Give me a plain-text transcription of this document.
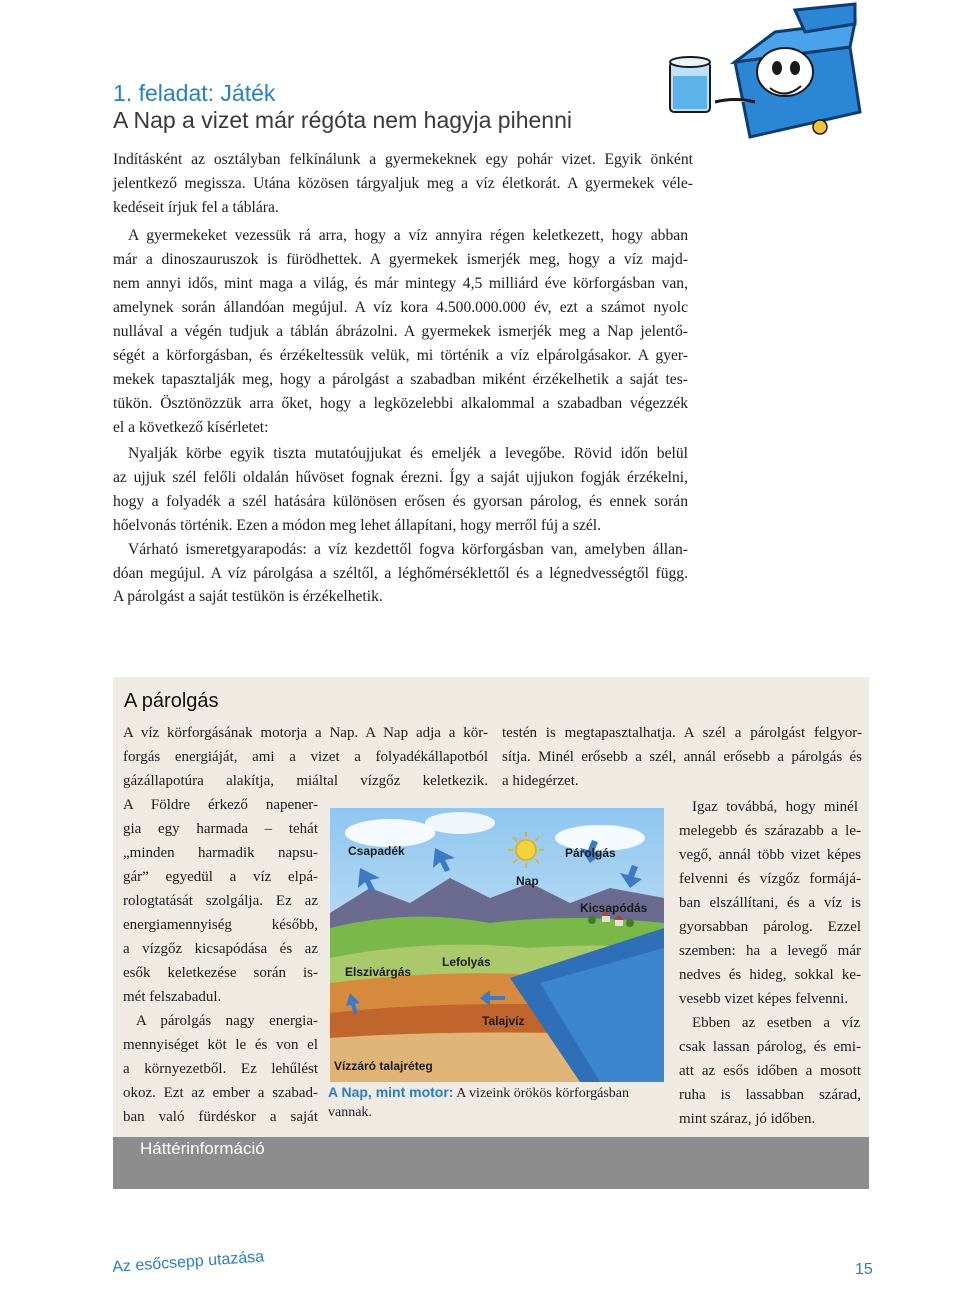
1. feladat: Játék
A Nap a vizet már régóta nem hagyja pihenni
Indításként az osztályban felkínálunk a gyermekeknek egy pohár vizet. Egyik önként
jelentkező megissza. Utána közösen tárgyaljuk meg a víz életkorát. A gyermekek véle-
kedéseit írjuk fel a táblára.
A gyermekeket vezessük rá arra, hogy a víz annyira régen keletkezett, hogy abban
már a dinoszauruszok is fürödhettek. A gyermekek ismerjék meg, hogy a víz majd-
nem annyi idős, mint maga a világ, és már mintegy 4,5 milliárd éve körforgásban van,
amelynek során állandóan megújul. A víz kora 4.500.000.000 év, ezt a számot nyolc
nullával a végén tudjuk a táblán ábrázolni. A gyermekek ismerjék meg a Nap jelentő-
ségét a körforgásban, és érzékeltessük velük, mi történik a víz elpárolgásakor. A gyer-
mekek tapasztalják meg, hogy a párolgást a szabadban miként érzékelhetik a saját tes-
tükön. Ösztönözzük arra őket, hogy a legközelebbi alkalommal a szabadban végezzék
el a következő kísérletet:
Nyalják körbe egyik tiszta mutatóujjukat és emeljék a levegőbe. Rövid időn belül
az ujjuk szél felőli oldalán hűvöset fognak érezni. Így a saját ujjukon fogják érzékelni,
hogy a folyadék a szél hatására különösen erősen és gyorsan párolog, és ennek során
hőelvonás történik. Ezen a módon meg lehet állapítani, hogy merről fúj a szél.
Várható ismeretgyarapodás: a víz kezdettől fogva körforgásban van, amelyben állan-
dóan megújul. A víz párolgása a széltől, a léghőmérséklettől és a légnedvességtől függ.
A párolgást a saját testükön is érzékelhetik.
A párolgás
A víz körforgásának motorja a Nap. A Nap adja a kör-
forgás energiáját, ami a vizet a folyadékállapotból
gázállapotúra alakítja, miáltal vízgőz keletkezik.
testén is megtapasztalhatja. A szél a párolgást felgyor-
sítja. Minél erősebb a szél, annál erősebb a párolgás és
a hidegérzet.
A Földre érkező napener-
gia egy harmada – tehát
„minden harmadik napsu-
gár” egyedül a víz elpá-
rologtatását szolgálja. Ez az
energiamennyiség később,
a vízgőz kicsapódása és az
esők keletkezése során is-
mét felszabadul.
A párolgás nagy energia-
mennyiséget köt le és von el
a környezetből. Ez lehűlést
okoz. Ezt az ember a szabad-
ban való fürdéskor a saját
Igaz továbbá, hogy minél
melegebb és szárazabb a le-
vegő, annál több vizet képes
felvenni és vízgőz formájá-
ban elszállítani, és a víz is
gyorsabban párolog. Ezzel
szemben: ha a levegő már
nedves és hideg, sokkal ke-
vesebb vizet képes felvenni.
Ebben az esetben a víz
csak lassan párolog, és emi-
att az esős időben a mosott
ruha is lassabban szárad,
mint száraz, jó időben.
Csapadék	Párolgás
Nap
Kicsapódás
Lefolyás
Elszivárgás
Talajvíz
Vízzáró talajréteg
A Nap, mint motor: A vizeink örökös körforgásban vannak.
Háttérinformáció
Az esőcsepp utazása	15
